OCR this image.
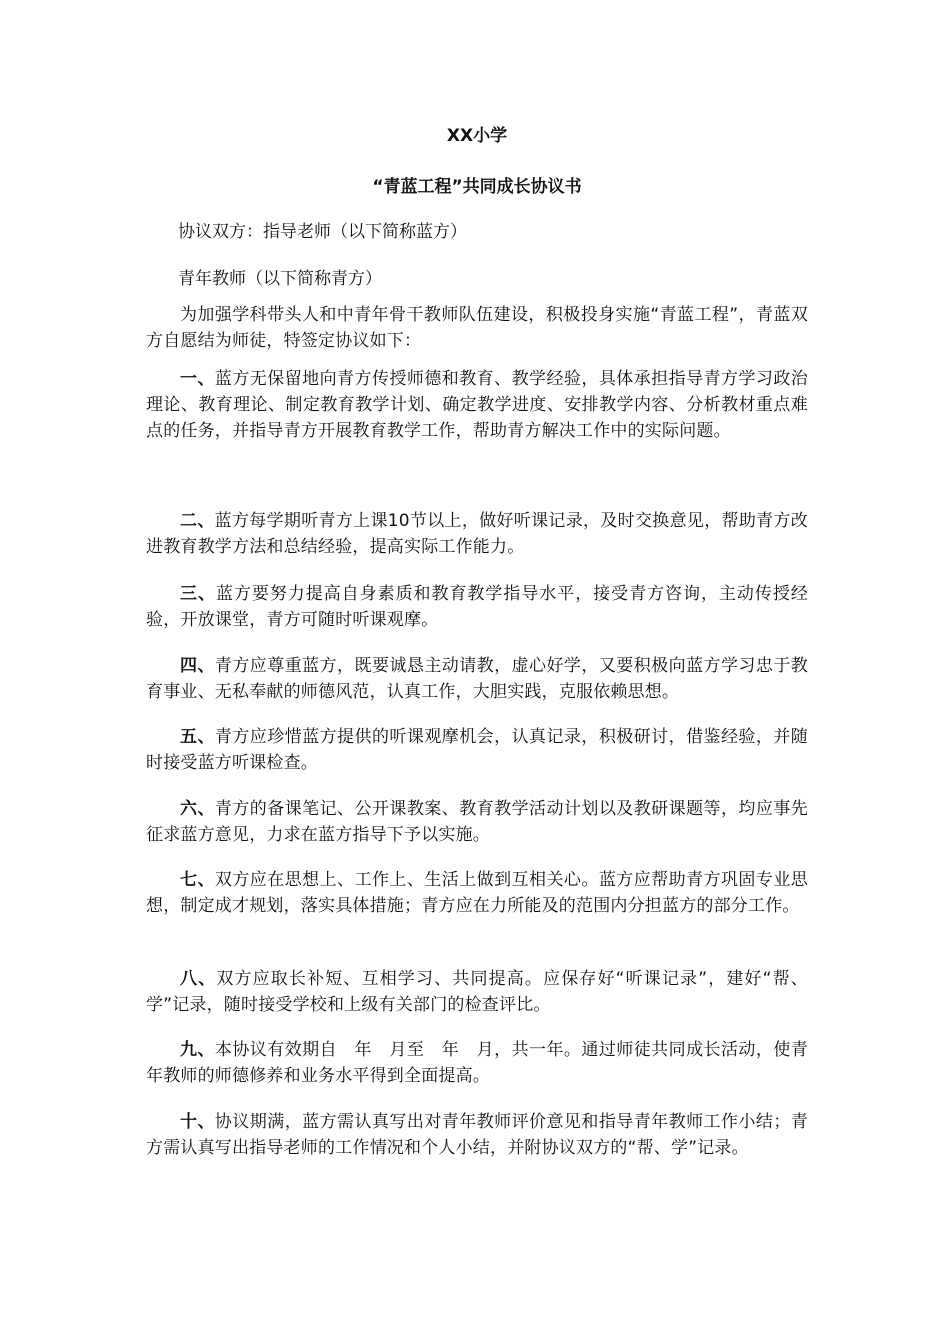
XX小学
“青蓝工程”共同成长协议书
协议双方：指导老师（以下简称蓝方）
青年教师（以下简称青方）

为加强学科带头人和中青年骨干教师队伍建设，积极投身实施“青蓝工程”，青蓝双方自愿结为师徒，特签定协议如下：

一、蓝方无保留地向青方传授师德和教育、教学经验，具体承担指导青方学习政治理论、教育理论、制定教育教学计划、确定教学进度、安排教学内容、分析教材重点难点的任务，并指导青方开展教育教学工作，帮助青方解决工作中的实际问题。

二、蓝方每学期听青方上课10节以上，做好听课记录，及时交换意见，帮助青方改进教育教学方法和总结经验，提高实际工作能力。

三、蓝方要努力提高自身素质和教育教学指导水平，接受青方咨询，主动传授经验，开放课堂，青方可随时听课观摩。

四、青方应尊重蓝方，既要诚恳主动请教，虚心好学，又要积极向蓝方学习忠于教育事业、无私奉献的师德风范，认真工作，大胆实践，克服依赖思想。

五、青方应珍惜蓝方提供的听课观摩机会，认真记录，积极研讨，借鉴经验，并随时接受蓝方听课检查。

六、青方的备课笔记、公开课教案、教育教学活动计划以及教研课题等，均应事先征求蓝方意见，力求在蓝方指导下予以实施。

七、双方应在思想上、工作上、生活上做到互相关心。蓝方应帮助青方巩固专业思想，制定成才规划，落实具体措施；青方应在力所能及的范围内分担蓝方的部分工作。

八、双方应取长补短、互相学习、共同提高。应保存好“听课记录”，建好“帮、学”记录，随时接受学校和上级有关部门的检查评比。

九、本协议有效期自　年　月至　年　月，共一年。通过师徒共同成长活动，使青年教师的师德修养和业务水平得到全面提高。

十、协议期满，蓝方需认真写出对青年教师评价意见和指导青年教师工作小结；青方需认真写出指导老师的工作情况和个人小结，并附协议双方的“帮、学”记录。
